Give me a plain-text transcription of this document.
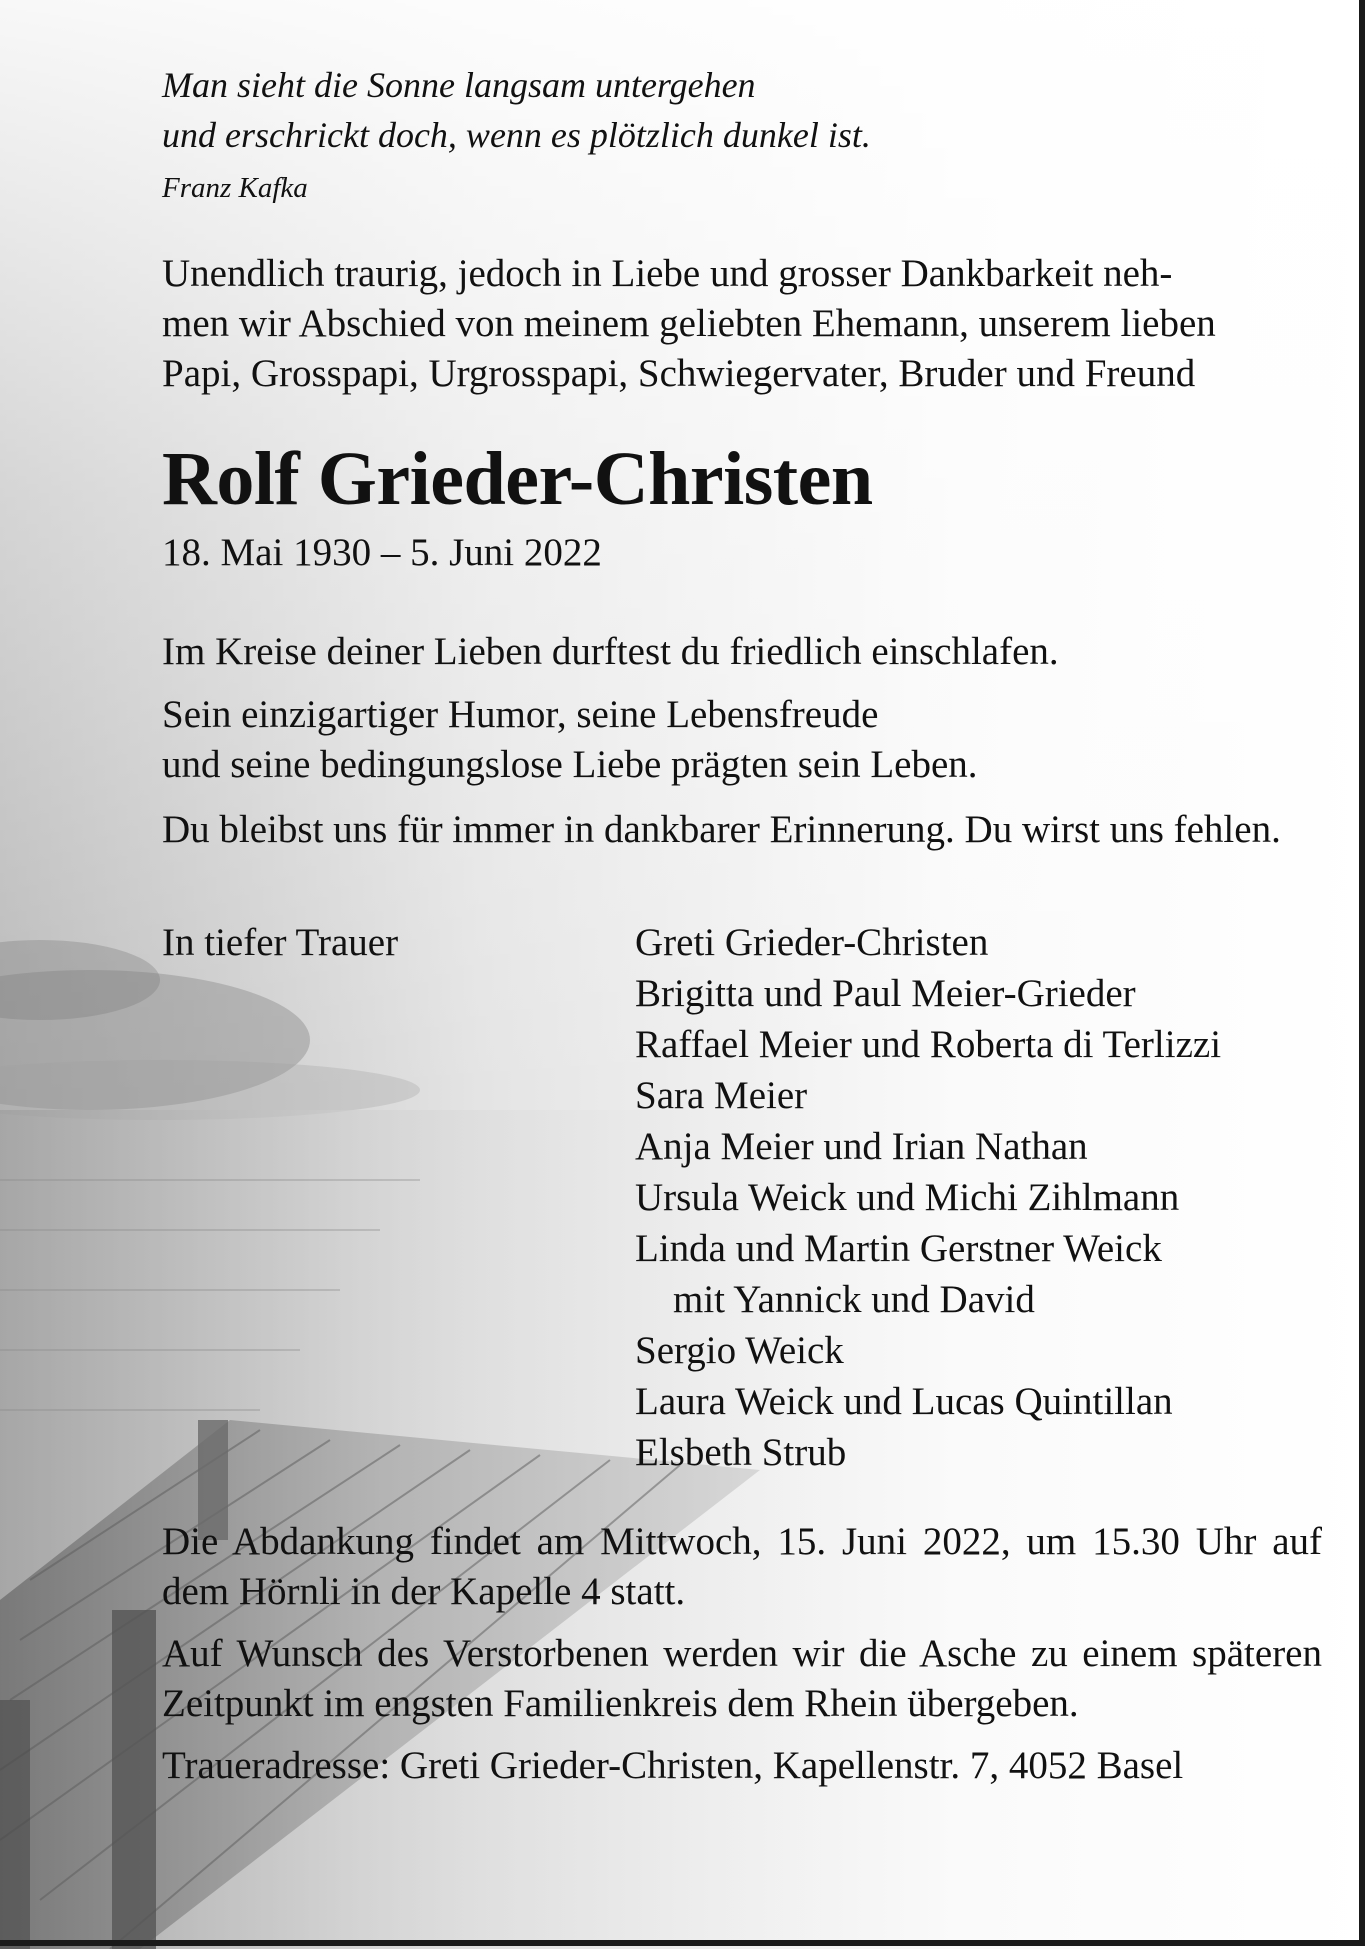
Man sieht die Sonne langsam untergehen

und erschrickt doch, wenn es plötzlich dunkel ist.

Franz Kafka
Unendlich traurig, jedoch in Liebe und grosser Dankbarkeit neh-
men wir Abschied von meinem geliebten Ehemann, unserem lieben
Papi, Grosspapi, Urgrosspapi, Schwiegervater, Bruder und Freund
Rolf Grieder-Christen
18. Mai 1930 – 5. Juni 2022

Im Kreise deiner Lieben durftest du friedlich einschlafen.

Sein einzigartiger Humor, seine Lebensfreude
und seine bedingungslose Liebe prägten sein Leben.

Du bleibst uns für immer in dankbarer Erinnerung. Du wirst uns fehlen.

In tiefer Trauer	Greti Grieder-Christen
Brigitta und Paul Meier-Grieder
Raffael Meier und Roberta di Terlizzi
Sara Meier
Anja Meier und Irian Nathan
Ursula Weick und Michi Zihlmann
Linda und Martin Gerstner Weick
mit Yannick und David
Sergio Weick
Laura Weick und Lucas Quintillan
Elsbeth Strub

Die Abdankung findet am Mittwoch, 15. Juni 2022, um 15.30 Uhr auf dem Hörnli in der Kapelle 4 statt.

Auf Wunsch des Verstorbenen werden wir die Asche zu einem späteren Zeitpunkt im engsten Familienkreis dem Rhein übergeben.

Traueradresse: Greti Grieder-Christen, Kapellenstr. 7, 4052 Basel
